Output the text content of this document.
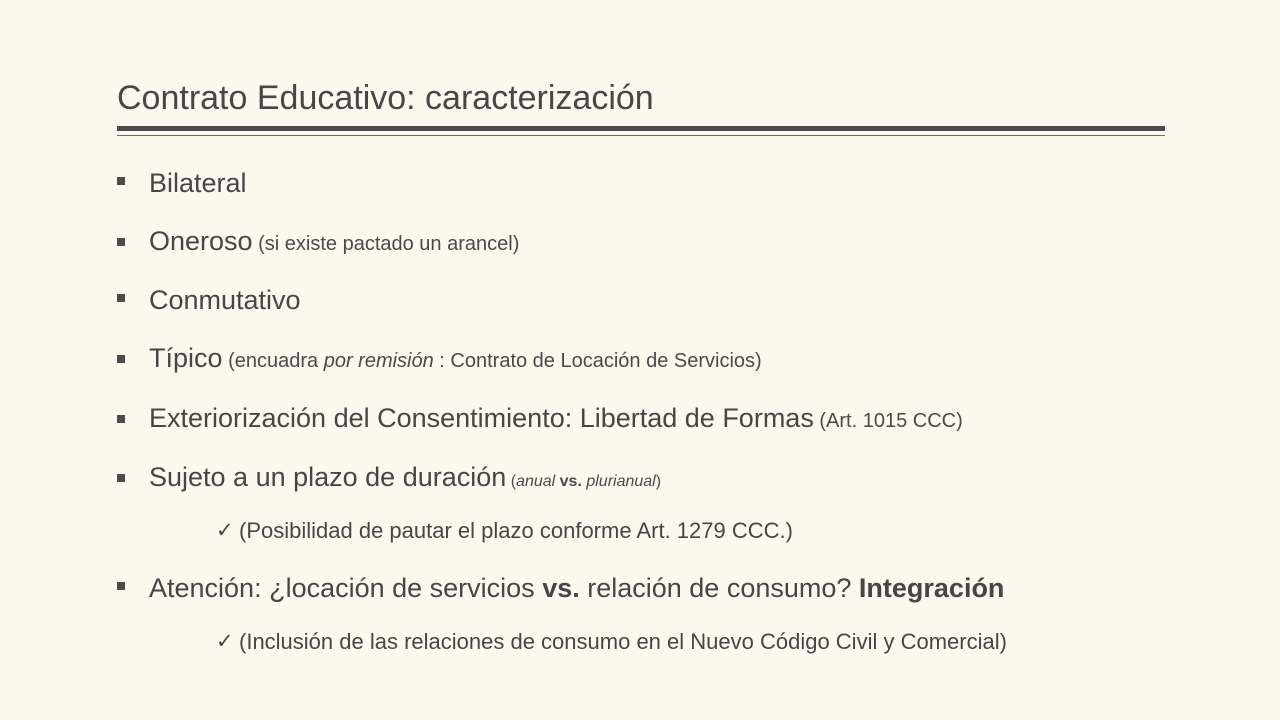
Contrato Educativo: caracterización
Bilateral
Oneroso (si existe pactado un arancel)
Conmutativo
Típico (encuadra por remisión : Contrato de Locación de Servicios)
Exteriorización del Consentimiento: Libertad de Formas (Art. 1015 CCC)
Sujeto a un plazo de duración (anual vs. plurianual)
✓ (Posibilidad de pautar el plazo conforme Art. 1279 CCC.)
Atención: ¿locación de servicios vs. relación de consumo? Integración
✓ (Inclusión de las relaciones de consumo en el Nuevo Código Civil y Comercial)
